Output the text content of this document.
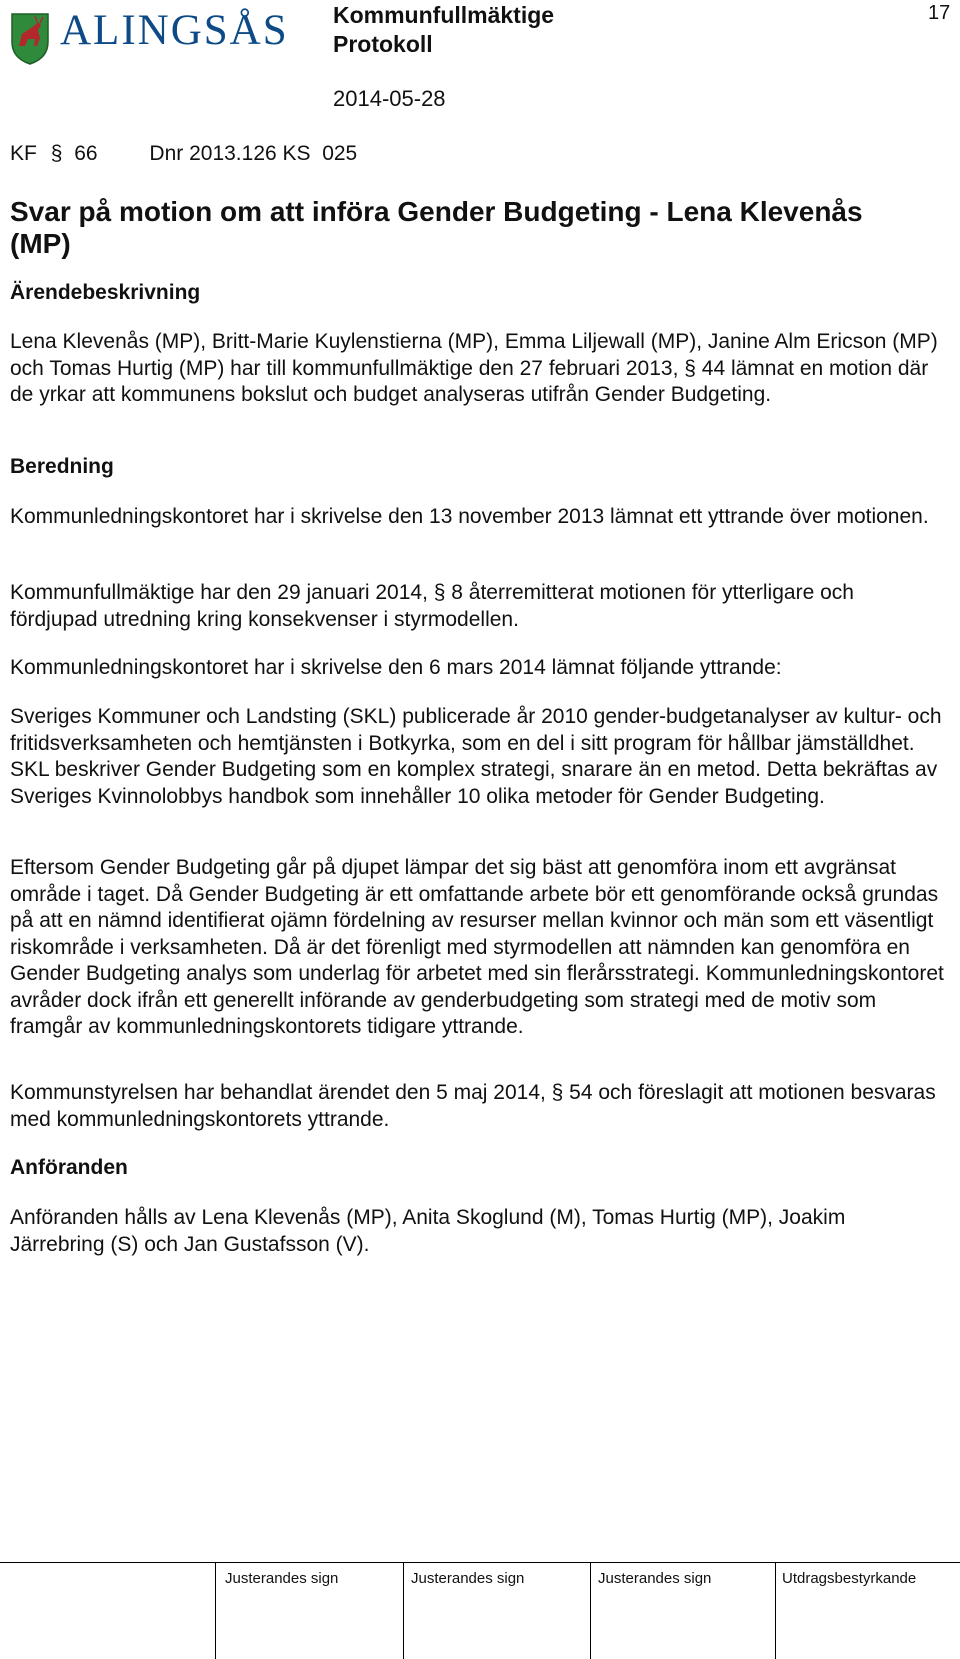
ALINGSÅS Kommunfullmäktige
Protokoll
2014-05-28
17
KF § 66 Dnr 2013.126 KS  025
Svar på motion om att införa Gender Budgeting - Lena Klevenås (MP)
Ärendebeskrivning

Lena Klevenås (MP), Britt-Marie Kuylenstierna (MP), Emma Liljewall (MP), Janine Alm Ericson (MP) och Tomas Hurtig (MP) har till kommunfullmäktige den 27 februari 2013, § 44 lämnat en motion där de yrkar att kommunens bokslut och budget analyseras utifrån Gender Budgeting.

Beredning

Kommunledningskontoret har i skrivelse den 13 november 2013 lämnat ett yttrande över motionen.

Kommunfullmäktige har den 29 januari 2014, § 8 återremitterat motionen för ytterligare och fördjupad utredning kring konsekvenser i styrmodellen.

Kommunledningskontoret har i skrivelse den 6 mars 2014 lämnat följande yttrande:

Sveriges Kommuner och Landsting (SKL) publicerade år 2010 gender-budgetanalyser av kultur- och fritidsverksamheten och hemtjänsten i Botkyrka, som en del i sitt program för hållbar jämställdhet. SKL beskriver Gender Budgeting som en komplex strategi, snarare än en metod. Detta bekräftas av Sveriges Kvinnolobbys handbok som innehåller 10 olika metoder för Gender Budgeting.

Eftersom Gender Budgeting går på djupet lämpar det sig bäst att genomföra inom ett avgränsat område i taget. Då Gender Budgeting är ett omfattande arbete bör ett genomförande också grundas på att en nämnd identifierat ojämn fördelning av resurser mellan kvinnor och män som ett väsentligt riskområde i verksamheten. Då är det förenligt med styrmodellen att nämnden kan genomföra en Gender Budgeting analys som underlag för arbetet med sin flerårsstrategi. Kommunledningskontoret avråder dock ifrån ett generellt införande av genderbudgeting som strategi med de motiv som framgår av kommunledningskontorets tidigare yttrande.

Kommunstyrelsen har behandlat ärendet den 5 maj 2014, § 54 och föreslagit att motionen besvaras med kommunledningskontorets yttrande.

Anföranden

Anföranden hålls av Lena Klevenås (MP), Anita Skoglund (M), Tomas Hurtig (MP), Joakim Järrebring (S) och Jan Gustafsson (V).

Justerandes sign	Justerandes sign	Justerandes sign	Utdragsbestyrkande
